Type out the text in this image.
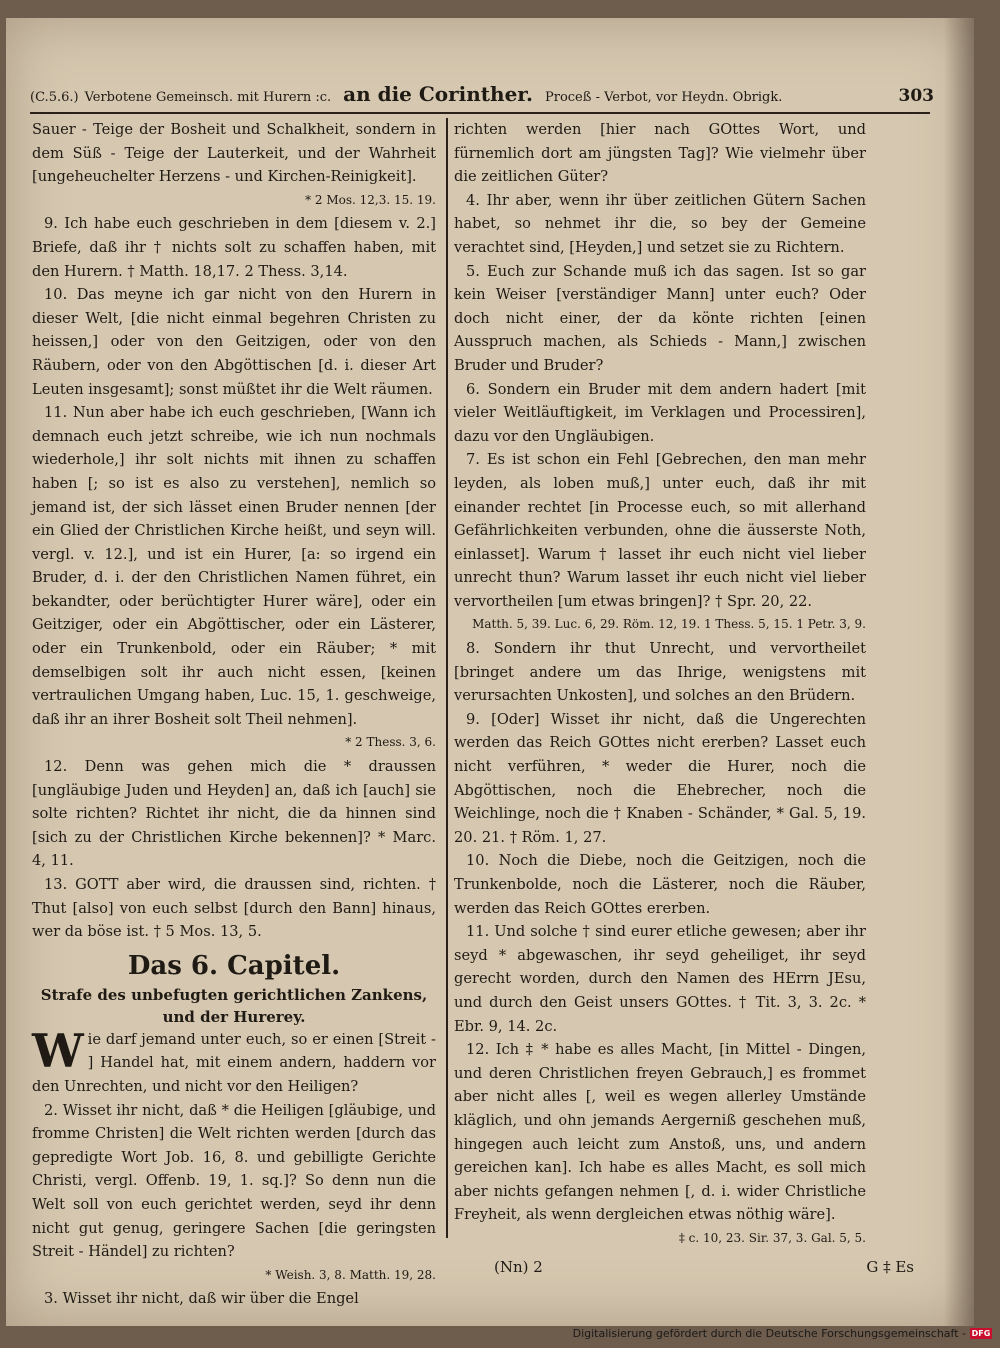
(C.5.6.) Verbotene Gemeinsch. mit Hurern :c. an die Corinther. Proceß - Verbot, vor Heydn. Obrigk.	303

Sauer - Teige der Bosheit und Schalkheit, sondern in dem Süß - Teige der Lauterkeit, und der Wahrheit [ungeheuchelter Herzens - und Kirchen-Reinigkeit].

* 2 Mos. 12,3. 15. 19.

9. Ich habe euch geschrieben in dem [diesem v. 2.] Briefe, daß ihr † nichts solt zu schaffen haben, mit den Hurern. † Matth. 18,17. 2 Thess. 3,14.

10. Das meyne ich gar nicht von den Hurern in dieser Welt, [die nicht einmal begehren Christen zu heissen,] oder von den Geitzigen, oder von den Räubern, oder von den Abgöttischen [d. i. dieser Art Leuten insgesamt]; sonst müßtet ihr die Welt räumen.

11. Nun aber habe ich euch geschrieben, [Wann ich demnach euch jetzt schreibe, wie ich nun nochmals wiederhole,] ihr solt nichts mit ihnen zu schaffen haben [; so ist es also zu verstehen], nemlich so jemand ist, der sich lässet einen Bruder nennen [der ein Glied der Christlichen Kirche heißt, und seyn will. vergl. v. 12.], und ist ein Hurer, [a: so irgend ein Bruder, d. i. der den Christlichen Namen führet, ein bekandter, oder berüchtigter Hurer wäre], oder ein Geitziger, oder ein Abgöttischer, oder ein Lästerer, oder ein Trunkenbold, oder ein Räuber; * mit demselbigen solt ihr auch nicht essen, [keinen vertraulichen Umgang haben, Luc. 15, 1. geschweige, daß ihr an ihrer Bosheit solt Theil nehmen].

* 2 Thess. 3, 6.

12. Denn was gehen mich die * draussen [ungläubige Juden und Heyden] an, daß ich [auch] sie solte richten? Richtet ihr nicht, die da hinnen sind [sich zu der Christlichen Kirche bekennen]? * Marc. 4, 11.

13. GOTT aber wird, die draussen sind, richten. † Thut [also] von euch selbst [durch den Bann] hinaus, wer da böse ist. † 5 Mos. 13, 5.

Das 6. Capitel.
Strafe des unbefugten gerichtlichen Zankens, und der Hurerey.

Wie darf jemand unter euch, so er einen [Streit - ] Handel hat, mit einem andern, haddern vor den Unrechten, und nicht vor den Heiligen?

2. Wisset ihr nicht, daß * die Heiligen [gläubige, und fromme Christen] die Welt richten werden [durch das gepredigte Wort Job. 16, 8. und gebilligte Gerichte Christi, vergl. Offenb. 19, 1. sq.]? So denn nun die Welt soll von euch gerichtet werden, seyd ihr denn nicht gut genug, geringere Sachen [die geringsten Streit - Händel] zu richten?

* Weish. 3, 8. Matth. 19, 28.

3. Wisset ihr nicht, daß wir über die Engel

richten werden [hier nach GOttes Wort, und fürnemlich dort am jüngsten Tag]? Wie vielmehr über die zeitlichen Güter?

4. Ihr aber, wenn ihr über zeitlichen Gütern Sachen habet, so nehmet ihr die, so bey der Gemeine verachtet sind, [Heyden,] und setzet sie zu Richtern.

5. Euch zur Schande muß ich das sagen. Ist so gar kein Weiser [verständiger Mann] unter euch? Oder doch nicht einer, der da könte richten [einen Ausspruch machen, als Schieds - Mann,] zwischen Bruder und Bruder?

6. Sondern ein Bruder mit dem andern hadert [mit vieler Weitläuftigkeit, im Verklagen und Processiren], dazu vor den Ungläubigen.

7. Es ist schon ein Fehl [Gebrechen, den man mehr leyden, als loben muß,] unter euch, daß ihr mit einander rechtet [in Processe euch, so mit allerhand Gefährlichkeiten verbunden, ohne die äusserste Noth, einlasset]. Warum † lasset ihr euch nicht viel lieber unrecht thun? Warum lasset ihr euch nicht viel lieber vervortheilen [um etwas bringen]? † Spr. 20, 22.

Matth. 5, 39. Luc. 6, 29. Röm. 12, 19. 1 Thess. 5, 15. 1 Petr. 3, 9.

8. Sondern ihr thut Unrecht, und vervortheilet [bringet andere um das Ihrige, wenigstens mit verursachten Unkosten], und solches an den Brüdern.

9. [Oder] Wisset ihr nicht, daß die Ungerechten werden das Reich GOttes nicht ererben? Lasset euch nicht verführen, * weder die Hurer, noch die Abgöttischen, noch die Ehebrecher, noch die Weichlinge, noch die † Knaben - Schänder, * Gal. 5, 19. 20. 21. † Röm. 1, 27.

10. Noch die Diebe, noch die Geitzigen, noch die Trunkenbolde, noch die Lästerer, noch die Räuber, werden das Reich GOttes ererben.

11. Und solche † sind eurer etliche gewesen; aber ihr seyd * abgewaschen, ihr seyd geheiliget, ihr seyd gerecht worden, durch den Namen des HErrn JEsu, und durch den Geist unsers GOttes. † Tit. 3, 3. 2c. * Ebr. 9, 14. 2c.

12. Ich ‡ * habe es alles Macht, [in Mittel - Dingen, und deren Christlichen freyen Gebrauch,] es frommet aber nicht alles [, weil es wegen allerley Umstände kläglich, und ohn jemands Aergerniß geschehen muß, hingegen auch leicht zum Anstoß, uns, und andern gereichen kan]. Ich habe es alles Macht, es soll mich aber nichts gefangen nehmen [, d. i. wider Christliche Freyheit, als wenn dergleichen etwas nöthig wäre].

‡ c. 10, 23. Sir. 37, 3. Gal. 5, 5.

(Nn) 2	G ‡ Es
Digitalisierung gefördert durch die Deutsche Forschungsgemeinschaft - DFG
